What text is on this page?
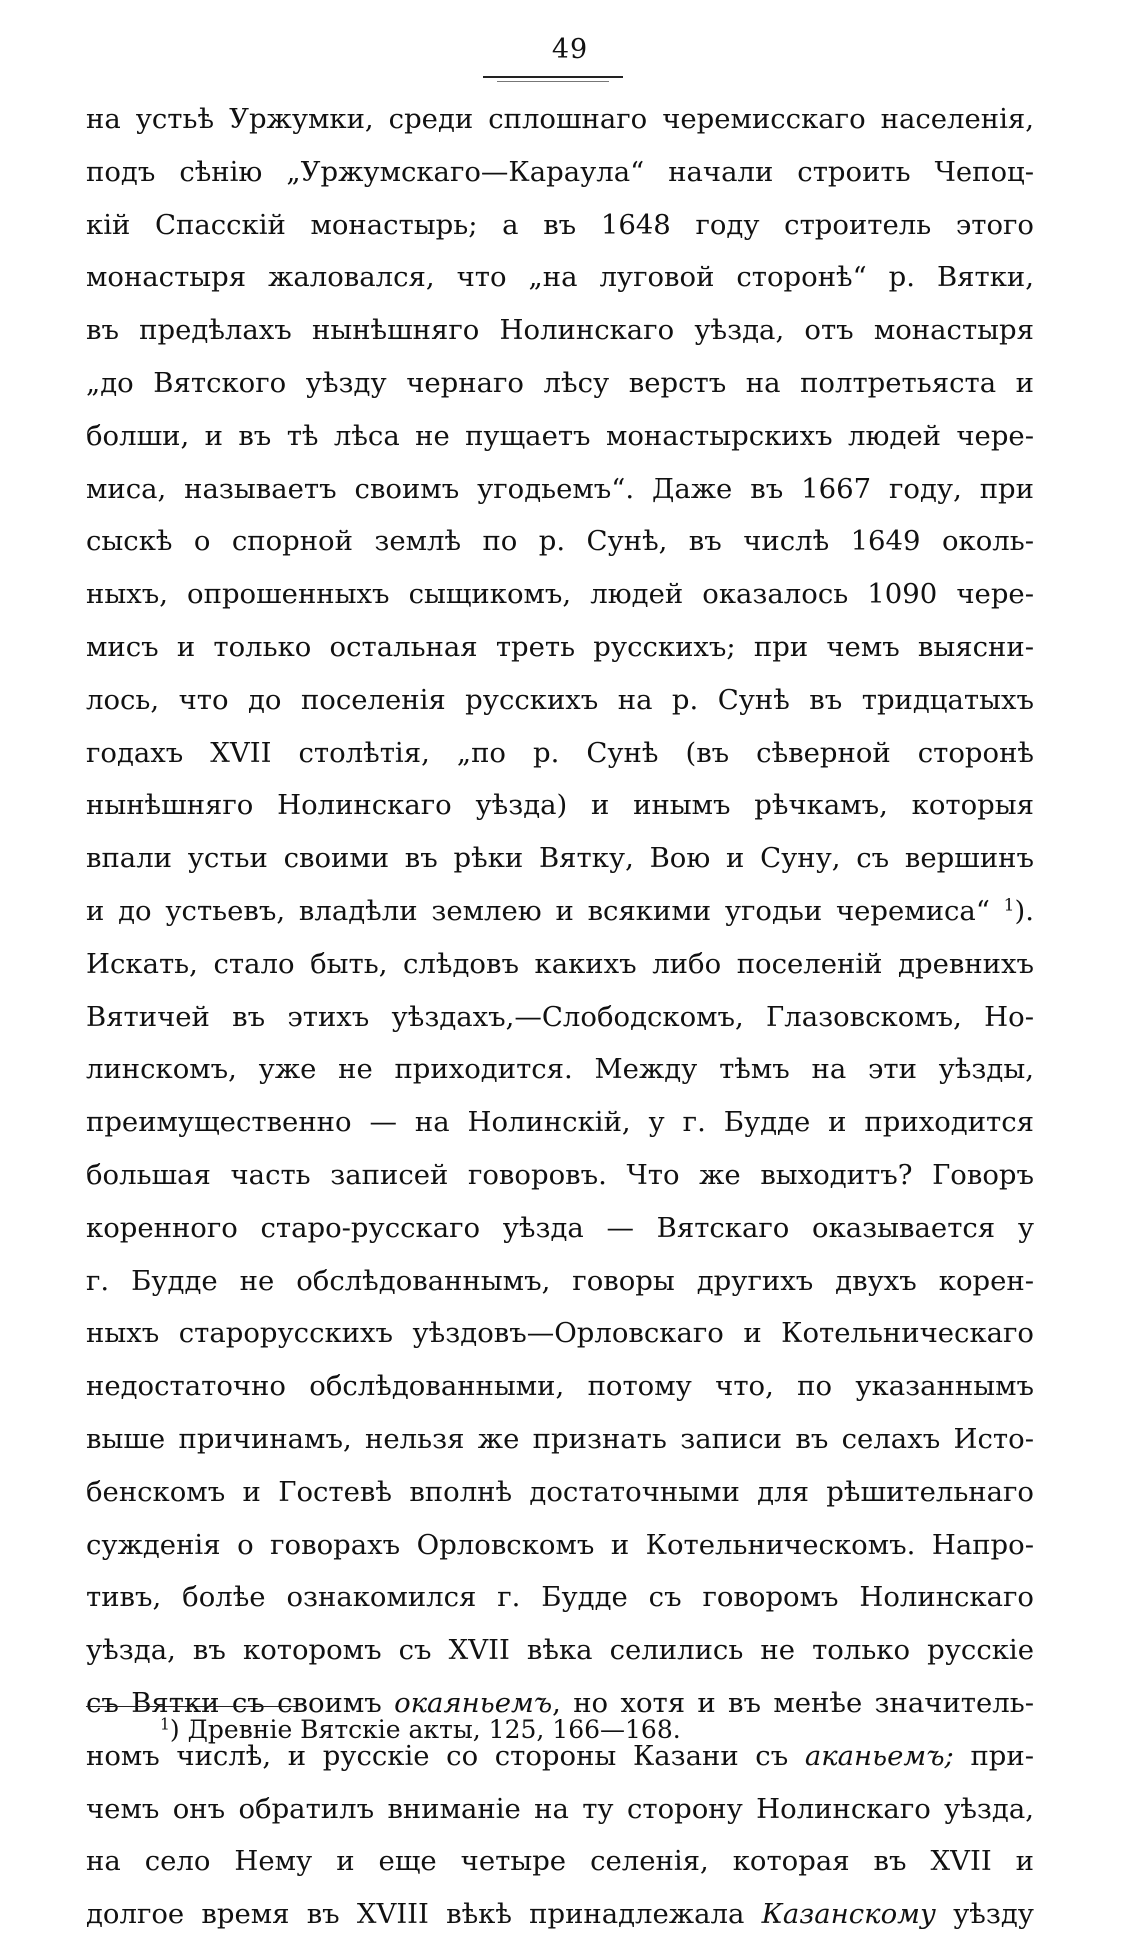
49
на устьѣ Уржумки, среди сплошнаго черемисскаго населенія,
подъ сѣнію „Уржумскаго—Караула“ начали строить Чепоц-
кій Спасскій монастырь; а въ 1648 году строитель этого
монастыря жаловался, что „на луговой сторонѣ“ р. Вятки,
въ предѣлахъ нынѣшняго Нолинскаго уѣзда, отъ монастыря
„до Вятского уѣзду чернаго лѣсу верстъ на полтретьяста и
болши, и въ тѣ лѣса не пущаетъ монастырскихъ людей чере-
миса, называетъ своимъ угодьемъ“. Даже въ 1667 году, при
сыскѣ о спорной землѣ по р. Сунѣ, въ числѣ 1649 околь-
ныхъ, опрошенныхъ сыщикомъ, людей оказалось 1090 чере-
мисъ и только остальная треть русскихъ; при чемъ выясни-
лось, что до поселенія русскихъ на р. Сунѣ въ тридцатыхъ
годахъ XVII столѣтія, „по р. Сунѣ (въ сѣверной сторонѣ
нынѣшняго Нолинскаго уѣзда) и инымъ рѣчкамъ, которыя
впали устьи своими въ рѣки Вятку, Вою и Суну, съ вершинъ
и до устьевъ, владѣли землею и всякими угодьи черемиса“ $^1$).
Искать, стало быть, слѣдовъ какихъ либо поселеній древнихъ
Вятичей въ этихъ уѣздахъ,—Слободскомъ, Глазовскомъ, Но-
линскомъ, уже не приходится. Между тѣмъ на эти уѣзды,
преимущественно — на Нолинскій, у г. Будде и приходится
большая часть записей говоровъ. Что же выходитъ? Говоръ
коренного старо-русскаго уѣзда — Вятскаго оказывается у
г. Будде не обслѣдованнымъ, говоры другихъ двухъ корен-
ныхъ старорусскихъ уѣздовъ—Орловскаго и Котельническаго
недостаточно обслѣдованными, потому что, по указаннымъ
выше причинамъ, нельзя же признать записи въ селахъ Исто-
бенскомъ и Гостевѣ вполнѣ достаточными для рѣшительнаго
сужденія о говорахъ Орловскомъ и Котельническомъ. Напро-
тивъ, болѣе ознакомился г. Будде съ говоромъ Нолинскаго
уѣзда, въ которомъ съ XVII вѣка селились не только русскіе
съ Вятки съ своимъ окаяньемъ, но хотя и въ менѣе значитель-
номъ числѣ, и русскіе со стороны Казани съ аканьемъ; при-
чемъ онъ обратилъ вниманіе на ту сторону Нолинскаго уѣзда,
на село Нему и еще четыре селенія, которая въ XVII и
долгое время въ XVIII вѣкѣ принадлежала Казанскому уѣзду
$^1$) Древніе Вятскіе акты, 125, 166—168.
